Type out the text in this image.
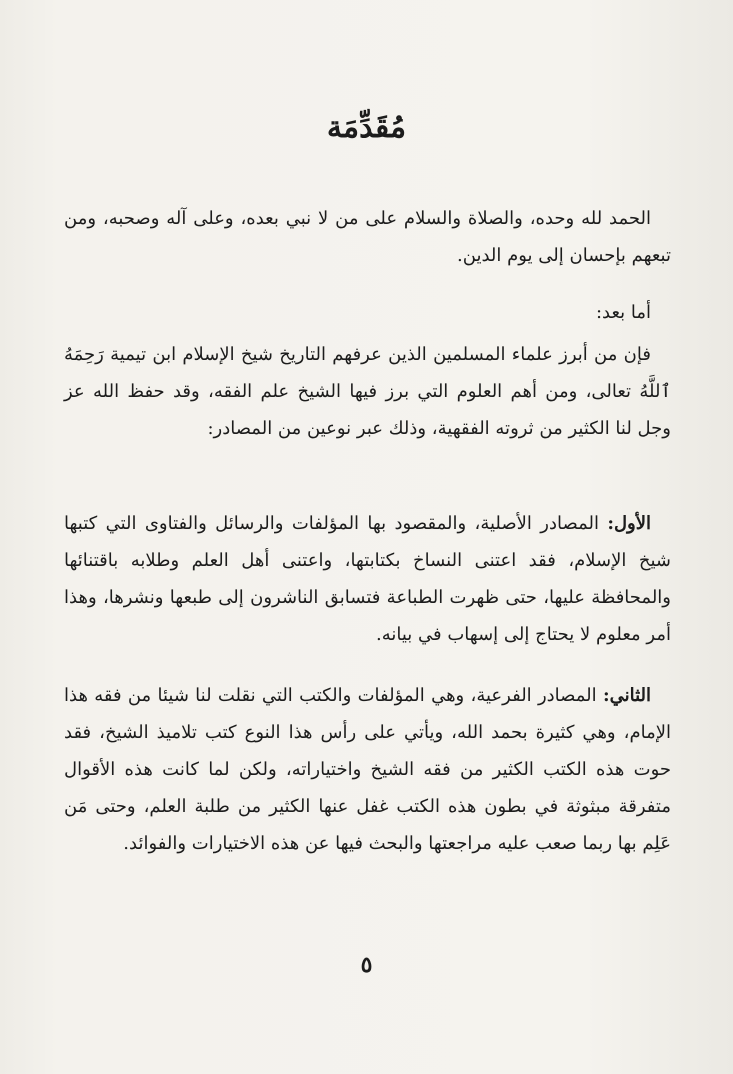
مُقَدِّمَة
الحمد لله وحده، والصلاة والسلام على من لا نبي بعده، وعلى آله وصحبه، ومن تبعهم بإحسان إلى يوم الدين.
أما بعد:
فإن من أبرز علماء المسلمين الذين عرفهم التاريخ شيخ الإسلام ابن تيمية رَحِمَهُ ٱللَّهُ تعالى، ومن أهم العلوم التي برز فيها الشيخ علم الفقه، وقد حفظ الله عز وجل لنا الكثير من ثروته الفقهية، وذلك عبر نوعين من المصادر:
الأول: المصادر الأصلية، والمقصود بها المؤلفات والرسائل والفتاوى التي كتبها شيخ الإسلام، فقد اعتنى النساخ بكتابتها، واعتنى أهل العلم وطلابه باقتنائها والمحافظة عليها، حتى ظهرت الطباعة فتسابق الناشرون إلى طبعها ونشرها، وهذا أمر معلوم لا يحتاج إلى إسهاب في بيانه.
الثاني: المصادر الفرعية، وهي المؤلفات والكتب التي نقلت لنا شيئا من فقه هذا الإمام، وهي كثيرة بحمد الله، ويأتي على رأس هذا النوع كتب تلاميذ الشيخ، فقد حوت هذه الكتب الكثير من فقه الشيخ واختياراته، ولكن لما كانت هذه الأقوال متفرقة مبثوثة في بطون هذه الكتب غفل عنها الكثير من طلبة العلم، وحتى مَن عَلِم بها ربما صعب عليه مراجعتها والبحث فيها عن هذه الاختيارات والفوائد.
٥
